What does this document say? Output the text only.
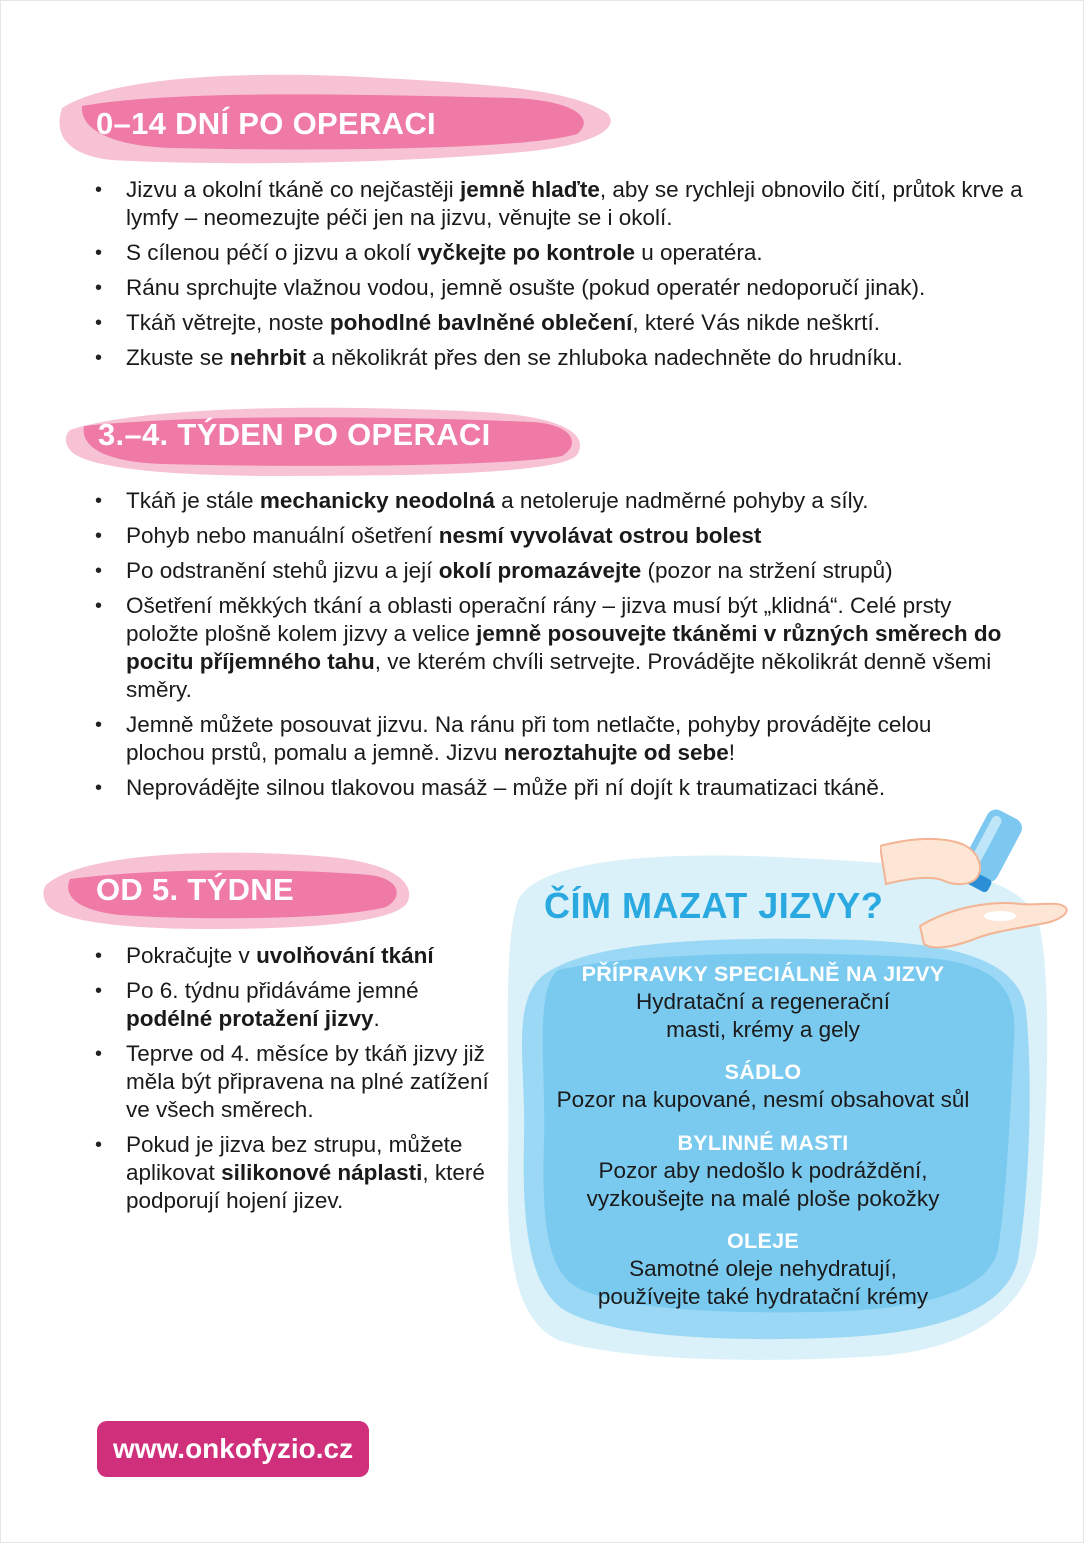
0–14 DNÍ PO OPERACI
• Jizvu a okolní tkáně co nejčastěji jemně hlaďte, aby se rychleji obnovilo čití, průtok krve a lymfy – neomezujte péči jen na jizvu, věnujte se i okolí.
• S cílenou péčí o jizvu a okolí vyčkejte po kontrole u operatéra.
• Ránu sprchujte vlažnou vodou, jemně osušte (pokud operatér nedoporučí jinak).
• Tkáň větrejte, noste pohodlné bavlněné oblečení, které Vás nikde neškrtí.
• Zkuste se nehrbit a několikrát přes den se zhluboka nadechněte do hrudníku.
3.–4. TÝDEN PO OPERACI
• Tkáň je stále mechanicky neodolná a netoleruje nadměrné pohyby a síly.
• Pohyb nebo manuální ošetření nesmí vyvolávat ostrou bolest
• Po odstranění stehů jizvu a její okolí promazávejte (pozor na stržení strupů)
• Ošetření měkkých tkání a oblasti operační rány – jizva musí být „klidná“. Celé prsty položte plošně kolem jizvy a velice jemně posouvejte tkáněmi v různých směrech do pocitu příjemného tahu, ve kterém chvíli setrvejte. Provádějte několikrát denně všemi směry.
• Jemně můžete posouvat jizvu. Na ránu při tom netlačte, pohyby provádějte celou plochou prstů, pomalu a jemně. Jizvu neroztahujte od sebe!
• Neprovádějte silnou tlakovou masáž – může při ní dojít k traumatizaci tkáně.
OD 5. TÝDNE
• Pokračujte v uvolňování tkání
• Po 6. týdnu přidáváme jemné podélné protažení jizvy.
• Teprve od 4. měsíce by tkáň jizvy již měla být připravena na plné zatížení ve všech směrech.
• Pokud je jizva bez strupu, můžete aplikovat silikonové náplasti, které podporují hojení jizev.
ČÍM MAZAT JIZVY?
PŘÍPRAVKY SPECIÁLNĚ NA JIZVY
Hydratační a regenerační
masti, krémy a gely
SÁDLO
Pozor na kupované, nesmí obsahovat sůl
BYLINNÉ MASTI
Pozor aby nedošlo k podráždění,
vyzkoušejte na malé ploše pokožky
OLEJE
Samotné oleje nehydratují,
používejte také hydratační krémy
www.onkofyzio.cz
